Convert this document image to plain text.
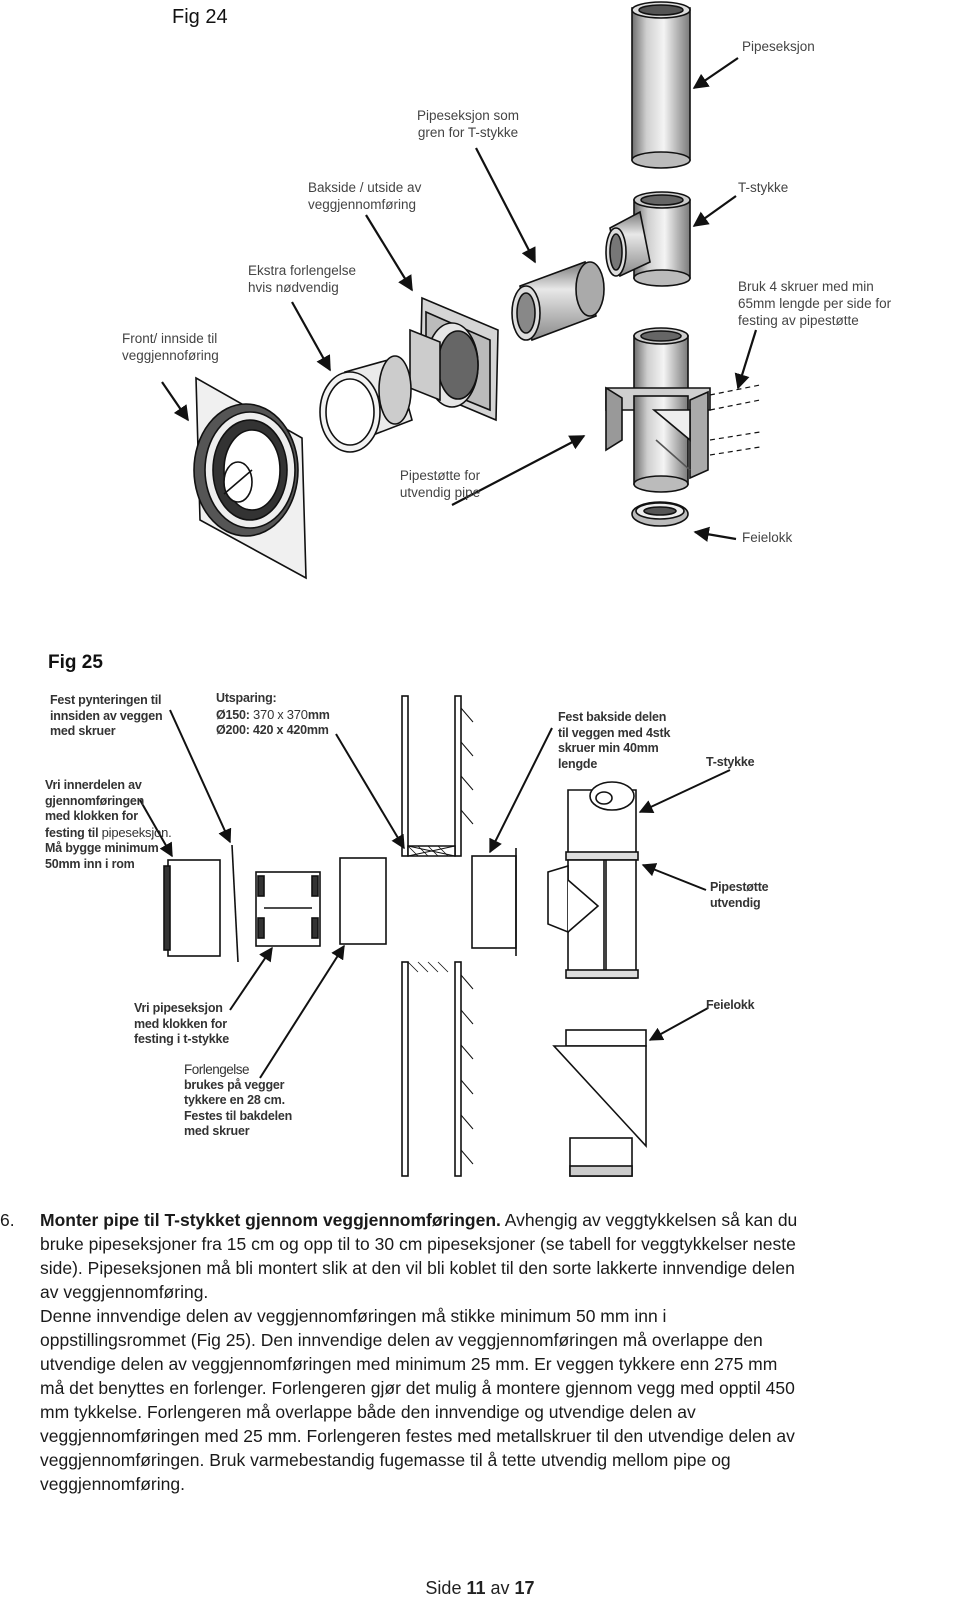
Fig 24
Pipeseksjon
Pipeseksjon som
gren for T-stykke
Bakside / utside av
veggjennomføring
T-stykke
Ekstra forlengelse
hvis nødvendig	Bruk 4 skruer med min
65mm lengde per side for
festing av pipestøtte
Front/ innside til
veggjennoføring
Pipestøtte for
utvendig pipe
Feielokk
Fig 25
Fest pynteringen til
innsiden av veggen
med skruer
Utsparing:
Ø150: 370 x 370mm
Ø200: 420 x 420mm
Fest bakside delen
til veggen med 4stk
skruer min 40mm
lengde	T-stykke
Vri innerdelen av
gjennomføringen
med klokken for
festing til pipeseksjon.
Må bygge minimum
50mm inn i rom
Pipestøtte
utvendig
Feielokk
Vri pipeseksjon
med klokken for
festing i t-stykke
Forlengelse
brukes på vegger
tykkere en 28 cm.
Festes til bakdelen
med skruer
6. Monter pipe til T-stykket gjennom veggjennomføringen. Avhengig av veggtykkelsen så kan du
bruke pipeseksjoner fra 15 cm og opp til to 30 cm pipeseksjoner (se tabell for veggtykkelser neste
side). Pipeseksjonen må bli montert slik at den vil bli koblet til den sorte lakkerte innvendige delen
av veggjennomføring.
Denne innvendige delen av veggjennomføringen må stikke minimum 50 mm inn i
oppstillingsrommet (Fig 25). Den innvendige delen av veggjennomføringen må overlappe den
utvendige delen av veggjennomføringen med minimum 25 mm. Er veggen tykkere enn 275 mm
må det benyttes en forlenger. Forlengeren gjør det mulig å montere gjennom vegg med opptil 450
mm tykkelse. Forlengeren må overlappe både den innvendige og utvendige delen av
veggjennomføringen med 25 mm. Forlengeren festes med metallskruer til den utvendige delen av
veggjennomføringen. Bruk varmebestandig fugemasse til å tette utvendig mellom pipe og
veggjennomføring.
Side 11 av 17
